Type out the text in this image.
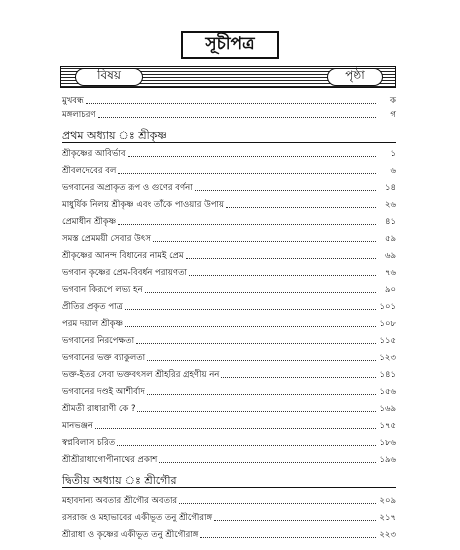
সূচীপত্র
বিষয়	পৃষ্ঠা
মুখবন্ধ	ক
মঙ্গলাচরণ	গ
প্রথম অধ্যায় ঃ শ্রীকৃষ্ণ
শ্রীকৃষ্ণের আবির্ভাব	১
শ্রীবলদেবের বল	৬
ভগবানের অপ্রাকৃত রূপ ও গুণের বর্ণনা	১৪
মাধুর্যিক নিলয় শ্রীকৃষ্ণ এবং তাঁকে পাওয়ার উপায়	২৬
প্রেমাধীন শ্রীকৃষ্ণ	৪১
সমস্ত প্রেমময়ী সেবার উৎস	৫৯
শ্রীকৃষ্ণের আনন্দ বিধানের নামই প্রেম	৬৯
ভগবান কৃষ্ণের প্রেম-বিবর্ধন পরায়ণতা	৭৬
ভগবান কিরূপে লভ্য হন	৯০
প্রীতির প্রকৃত পাত্র	১০১
পরম দয়াল শ্রীকৃষ্ণ	১০৮
ভগবানের নিরপেক্ষতা	১১৫
ভগবানের ভক্ত ব্যাকুলতা	১২৩
ভক্ত-ইতর সেবা ভক্তবৎসল শ্রীহরির গ্রহণীয় নন	১৪১
ভগবানের দণ্ডই আশীর্বাদ	১৫৬
শ্রীমতী রাধারাণী কে ?	১৬৯
মানভঞ্জন	১৭৫
স্বপ্নবিলাস চরিত	১৮৬
শ্রীশ্রীরাধাগোপীনাথের প্রকাশ	১৯৬
দ্বিতীয় অধ্যায় ঃ শ্রীগৌর
মহাবদান্য অবতার শ্রীগৌর অবতার	২০৯
রসরাজ ও মহাভাবের একীভূত তনু শ্রীগৌরাঙ্গ	২১৭
শ্রীরাধা ও কৃষ্ণের একীভূত তনু শ্রীগৌরাঙ্গ	২২৩
